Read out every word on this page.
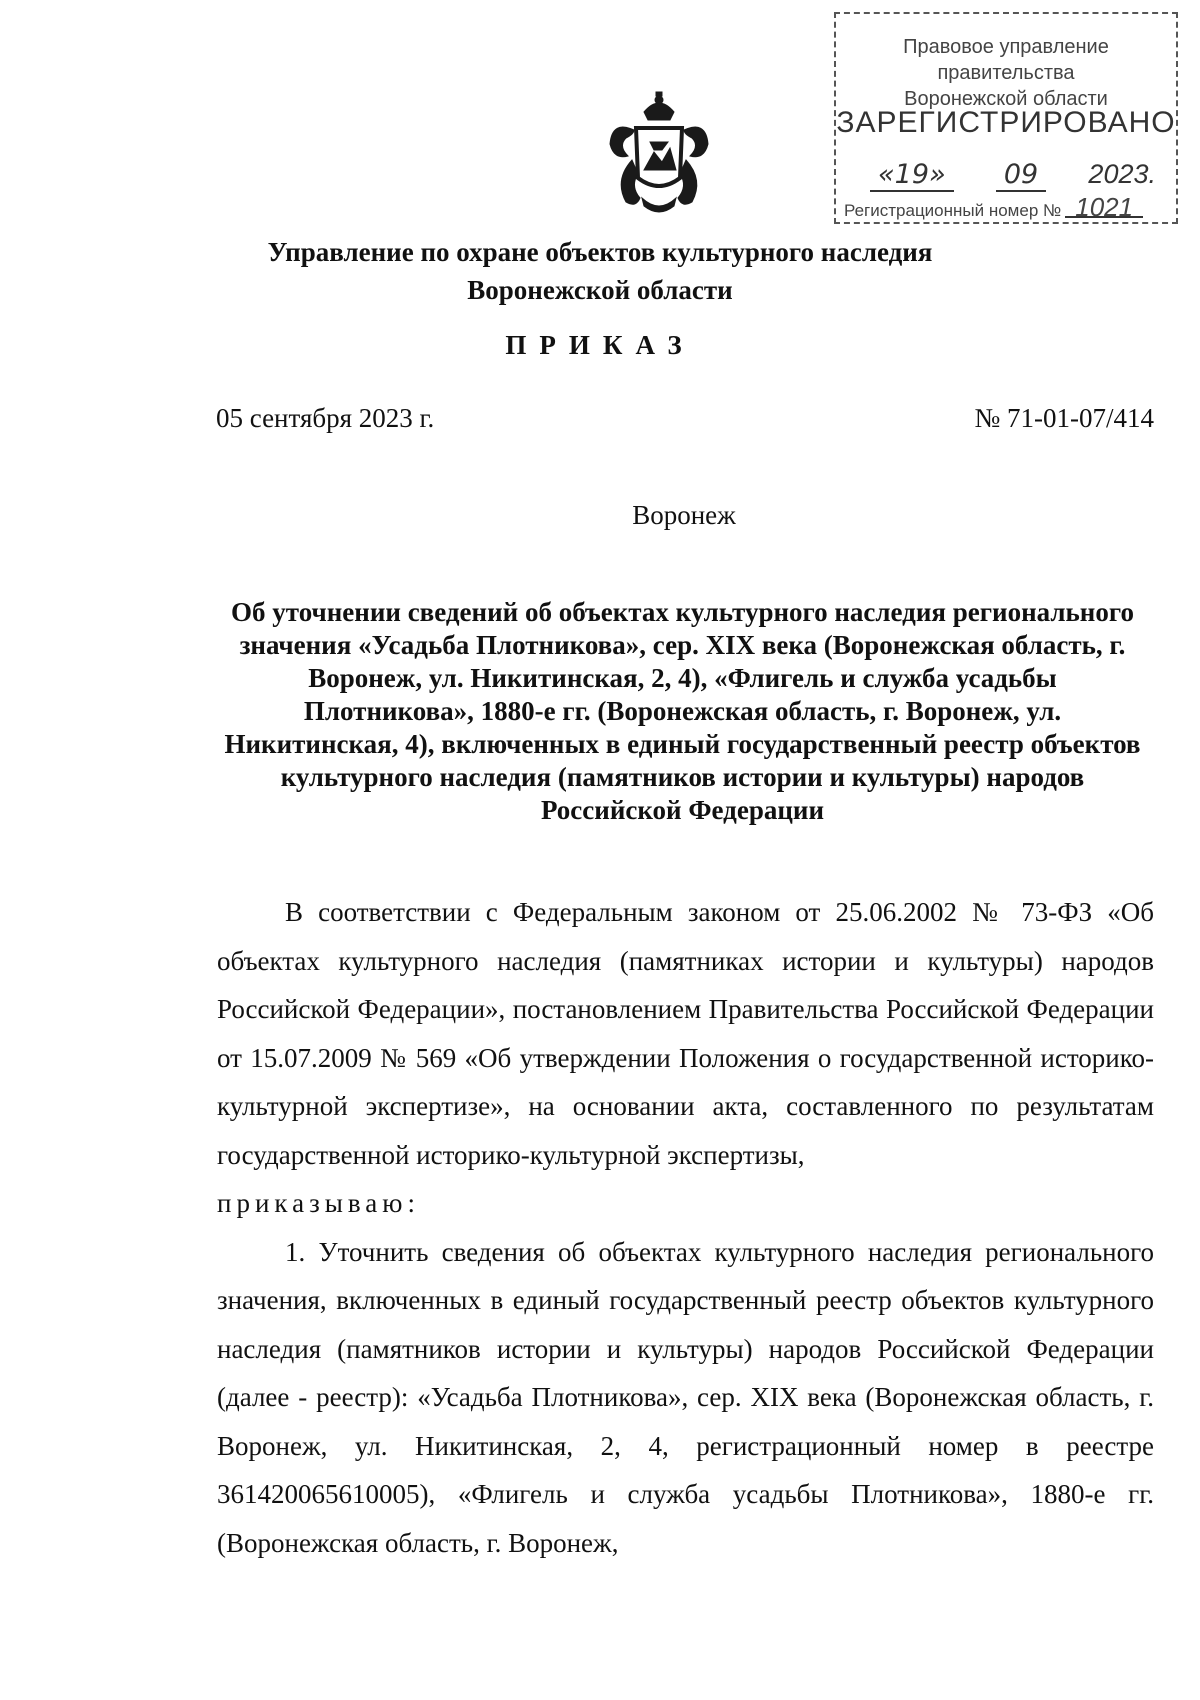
Правовое управление правительства
Воронежской области
ЗАРЕГИСТРИРОВАНО
«19» 09 2023.
Регистрационный номер № 1021
Управление по охране объектов культурного наследия
Воронежской области
ПРИКАЗ
05 сентября 2023 г.	№ 71-01-07/414
Воронеж
Об уточнении сведений об объектах культурного наследия регионального значения «Усадьба Плотникова», сер. XIX века (Воронежская область, г. Воронеж, ул. Никитинская, 2, 4), «Флигель и служба усадьбы Плотникова», 1880-е гг. (Воронежская область, г. Воронеж, ул. Никитинская, 4), включенных в единый государственный реестр объектов культурного наследия (памятников истории и культуры) народов Российской Федерации

В соответствии с Федеральным законом от 25.06.2002 № 73-ФЗ «Об объектах культурного наследия (памятниках истории и культуры) народов Российской Федерации», постановлением Правительства Российской Федерации от 15.07.2009 № 569 «Об утверждении Положения о государственной историко-культурной экспертизе», на основании акта, составленного по результатам государственной историко-культурной экспертизы,

приказываю:

1. Уточнить сведения об объектах культурного наследия регионального значения, включенных в единый государственный реестр объектов культурного наследия (памятников истории и культуры) народов Российской Федерации (далее - реестр): «Усадьба Плотникова», сер. XIX века (Воронежская область, г. Воронеж, ул. Никитинская, 2, 4, регистрационный номер в реестре 361420065610005), «Флигель и служба усадьбы Плотникова», 1880-е гг. (Воронежская область, г. Воронеж,
